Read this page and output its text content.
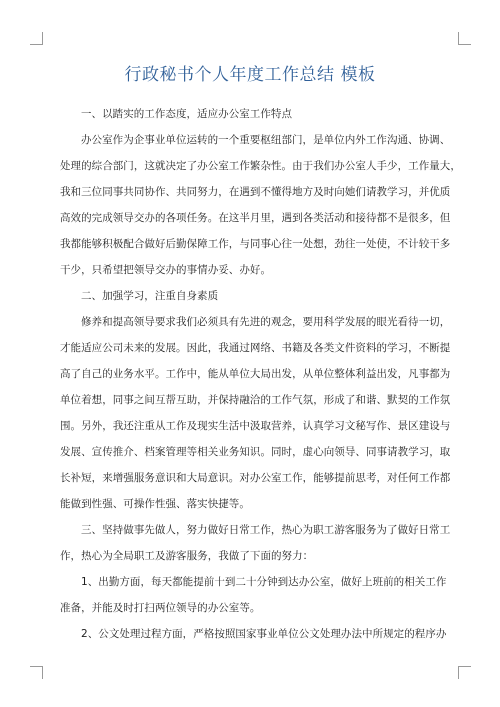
行政秘书个人年度工作总结 模板
一、以踏实的工作态度，适应办公室工作特点
办公室作为企事业单位运转的一个重要枢纽部门，是单位内外工作沟通、协调、
处理的综合部门，这就决定了办公室工作繁杂性。由于我们办公室人手少，工作量大，
我和三位同事共同协作、共同努力，在遇到不懂得地方及时向她们请教学习，并优质
高效的完成领导交办的各项任务。在这半月里，遇到各类活动和接待都不是很多，但
我都能够积极配合做好后勤保障工作，与同事心往一处想，劲往一处使，不计较干多
干少，只希望把领导交办的事情办妥、办好。
二、加强学习，注重自身素质
修养和提高领导要求我们必须具有先进的观念，要用科学发展的眼光看待一切，
才能适应公司未来的发展。因此，我通过网络、书籍及各类文件资料的学习，不断提
高了自己的业务水平。工作中，能从单位大局出发，从单位整体利益出发，凡事都为
单位着想，同事之间互帮互助，并保持融洽的工作气氛，形成了和谐、默契的工作氛
围。另外，我还注重从工作及现实生活中汲取营养，认真学习文秘写作、景区建设与
发展、宣传推介、档案管理等相关业务知识。同时，虚心向领导、同事请教学习，取
长补短，来增强服务意识和大局意识。对办公室工作，能够提前思考，对任何工作都
能做到性强、可操作性强、落实快捷等。
三、坚持做事先做人，努力做好日常工作，热心为职工游客服务为了做好日常工
作，热心为全局职工及游客服务，我做了下面的努力：
1、出勤方面，每天都能提前十到二十分钟到达办公室，做好上班前的相关工作
准备，并能及时打扫两位领导的办公室等。
2、公文处理过程方面，严格按照国家事业单位公文处理办法中所规定的程序办
